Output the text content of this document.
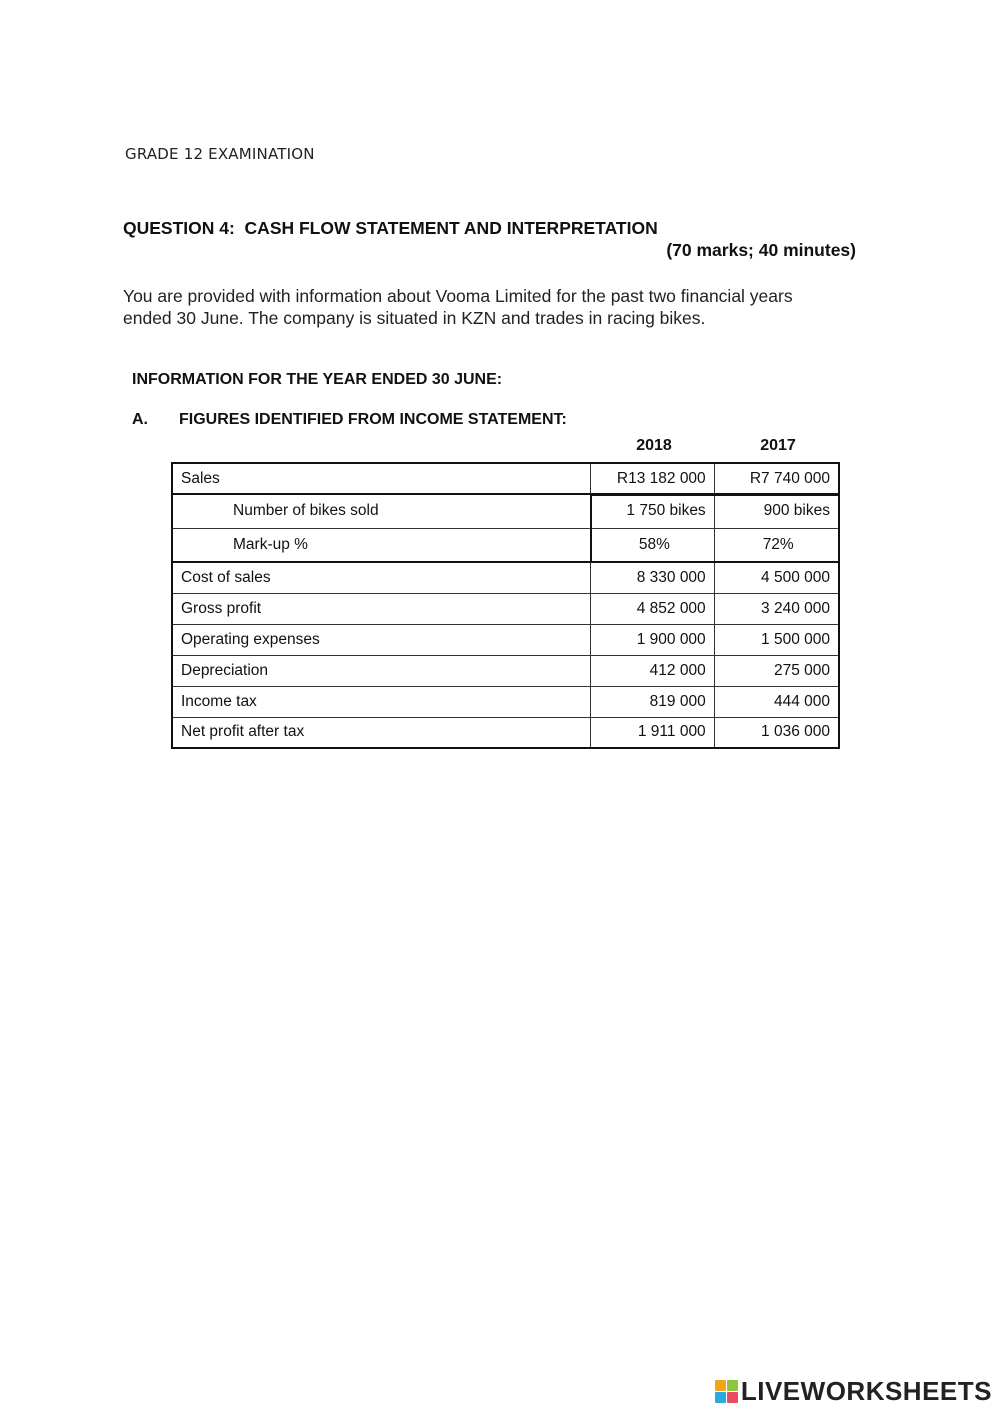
GRADE 12 EXAMINATION
QUESTION 4:  CASH FLOW STATEMENT AND INTERPRETATION
(70 marks; 40 minutes)
You are provided with information about Vooma Limited for the past two financial years
ended 30 June. The company is situated in KZN and trades in racing bikes.
INFORMATION FOR THE YEAR ENDED 30 JUNE:
A. FIGURES IDENTIFIED FROM INCOME STATEMENT:
2018	2017
Sales	R13 182 000	R7 740 000
Number of bikes sold	1 750 bikes	900 bikes
Mark-up %	58%	72%
Cost of sales	8 330 000	4 500 000
Gross profit	4 852 000	3 240 000
Operating expenses	1 900 000	1 500 000
Depreciation	412 000	275 000
Income tax	819 000	444 000
Net profit after tax	1 911 000	1 036 000
LIVEWORKSHEETS
